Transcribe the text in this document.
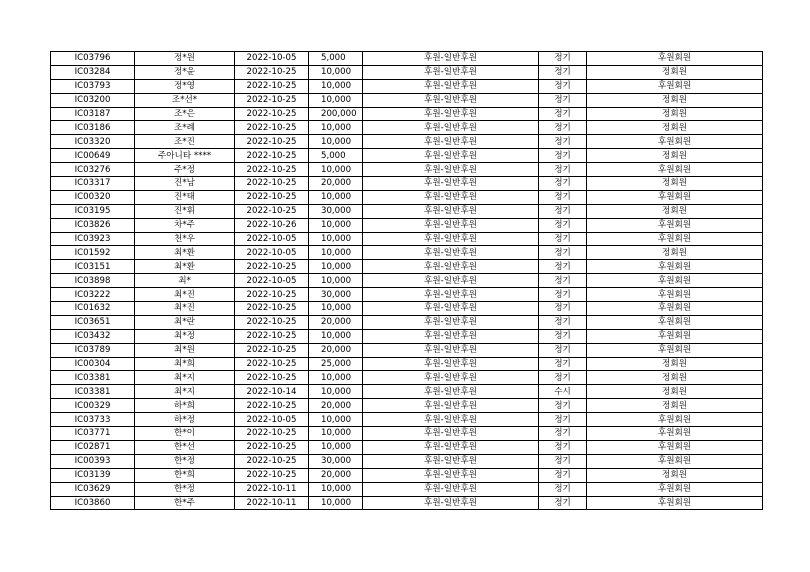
IC03796	정*원	2022-10-05	5,000	후원-일반후원	정기	후원회원
IC03284	정*윤	2022-10-25	10,000	후원-일반후원	정기	정회원
IC03793	정*영	2022-10-25	10,000	후원-일반후원	정기	후원회원
IC03200	조*선*	2022-10-25	10,000	후원-일반후원	정기	정회원
IC03187	조*은	2022-10-25	200,000	후원-일반후원	정기	정회원
IC03186	조*례	2022-10-25	10,000	후원-일반후원	정기	정회원
IC03320	조*진	2022-10-25	10,000	후원-일반후원	정기	후원회원
IC00649	주아니타 ****	2022-10-25	5,000	후원-일반후원	정기	정회원
IC03276	주*정	2022-10-25	10,000	후원-일반후원	정기	후원회원
IC03317	진*남	2022-10-25	20,000	후원-일반후원	정기	정회원
IC00320	진*태	2022-10-25	10,000	후원-일반후원	정기	후원회원
IC03195	진*휘	2022-10-25	30,000	후원-일반후원	정기	정회원
IC03826	차*주	2022-10-26	10,000	후원-일반후원	정기	후원회원
IC03923	천*우	2022-10-05	10,000	후원-일반후원	정기	후원회원
IC01592	최*환	2022-10-05	10,000	후원-일반후원	정기	정회원
IC03151	최*환	2022-10-25	10,000	후원-일반후원	정기	후원회원
IC03898	최*	2022-10-05	10,000	후원-일반후원	정기	후원회원
IC03222	최*진	2022-10-25	30,000	후원-일반후원	정기	후원회원
IC01632	최*진	2022-10-25	10,000	후원-일반후원	정기	후원회원
IC03651	최*란	2022-10-25	20,000	후원-일반후원	정기	후원회원
IC03432	최*정	2022-10-25	10,000	후원-일반후원	정기	후원회원
IC03789	최*원	2022-10-25	20,000	후원-일반후원	정기	후원회원
IC00304	최*희	2022-10-25	25,000	후원-일반후원	정기	정회원
IC03381	최*지	2022-10-25	10,000	후원-일반후원	정기	정회원
IC03381	최*지	2022-10-14	10,000	후원-일반후원	수시	정회원
IC00329	하*희	2022-10-25	20,000	후원-일반후원	정기	정회원
IC03733	하*정	2022-10-05	10,000	후원-일반후원	정기	후원회원
IC03771	한*이	2022-10-25	10,000	후원-일반후원	정기	후원회원
IC02871	한*선	2022-10-25	10,000	후원-일반후원	정기	후원회원
IC00393	한*정	2022-10-25	30,000	후원-일반후원	정기	후원회원
IC03139	한*희	2022-10-25	20,000	후원-일반후원	정기	정회원
IC03629	한*정	2022-10-11	10,000	후원-일반후원	정기	후원회원
IC03860	한*주	2022-10-11	10,000	후원-일반후원	정기	후원회원
